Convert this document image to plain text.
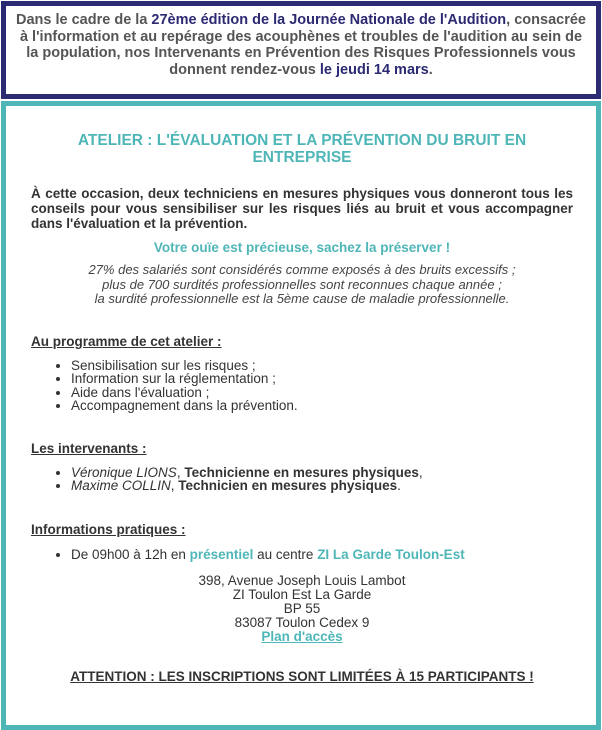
Dans le cadre de la 27ème édition de la Journée Nationale de l'Audition, consacrée à l'information et au repérage des acouphènes et troubles de l'audition au sein de la population, nos Intervenants en Prévention des Risques Professionnels vous donnent rendez-vous le jeudi 14 mars.

ATELIER : L'ÉVALUATION ET LA PRÉVENTION DU BRUIT EN ENTREPRISE

À cette occasion, deux techniciens en mesures physiques vous donneront tous les conseils pour vous sensibiliser sur les risques liés au bruit et vous accompagner dans l'évaluation et la prévention.

Votre ouïe est précieuse, sachez la préserver !

27% des salariés sont considérés comme exposés à des bruits excessifs ;
plus de 700 surdités professionnelles sont reconnues chaque année ;
la surdité professionnelle est la 5ème cause de maladie professionnelle.

Au programme de cet atelier :

• Sensibilisation sur les risques ;
• Information sur la réglementation ;
• Aide dans l'évaluation ;
• Accompagnement dans la prévention.

Les intervenants :

• Véronique LIONS, Technicienne en mesures physiques,
• Maxime COLLIN, Technicien en mesures physiques.

Informations pratiques :

• De 09h00 à 12h en présentiel au centre ZI La Garde Toulon-Est

398, Avenue Joseph Louis Lambot
ZI Toulon Est La Garde
BP 55
83087 Toulon Cedex 9
Plan d'accès

ATTENTION : LES INSCRIPTIONS SONT LIMITÉES À 15 PARTICIPANTS !
